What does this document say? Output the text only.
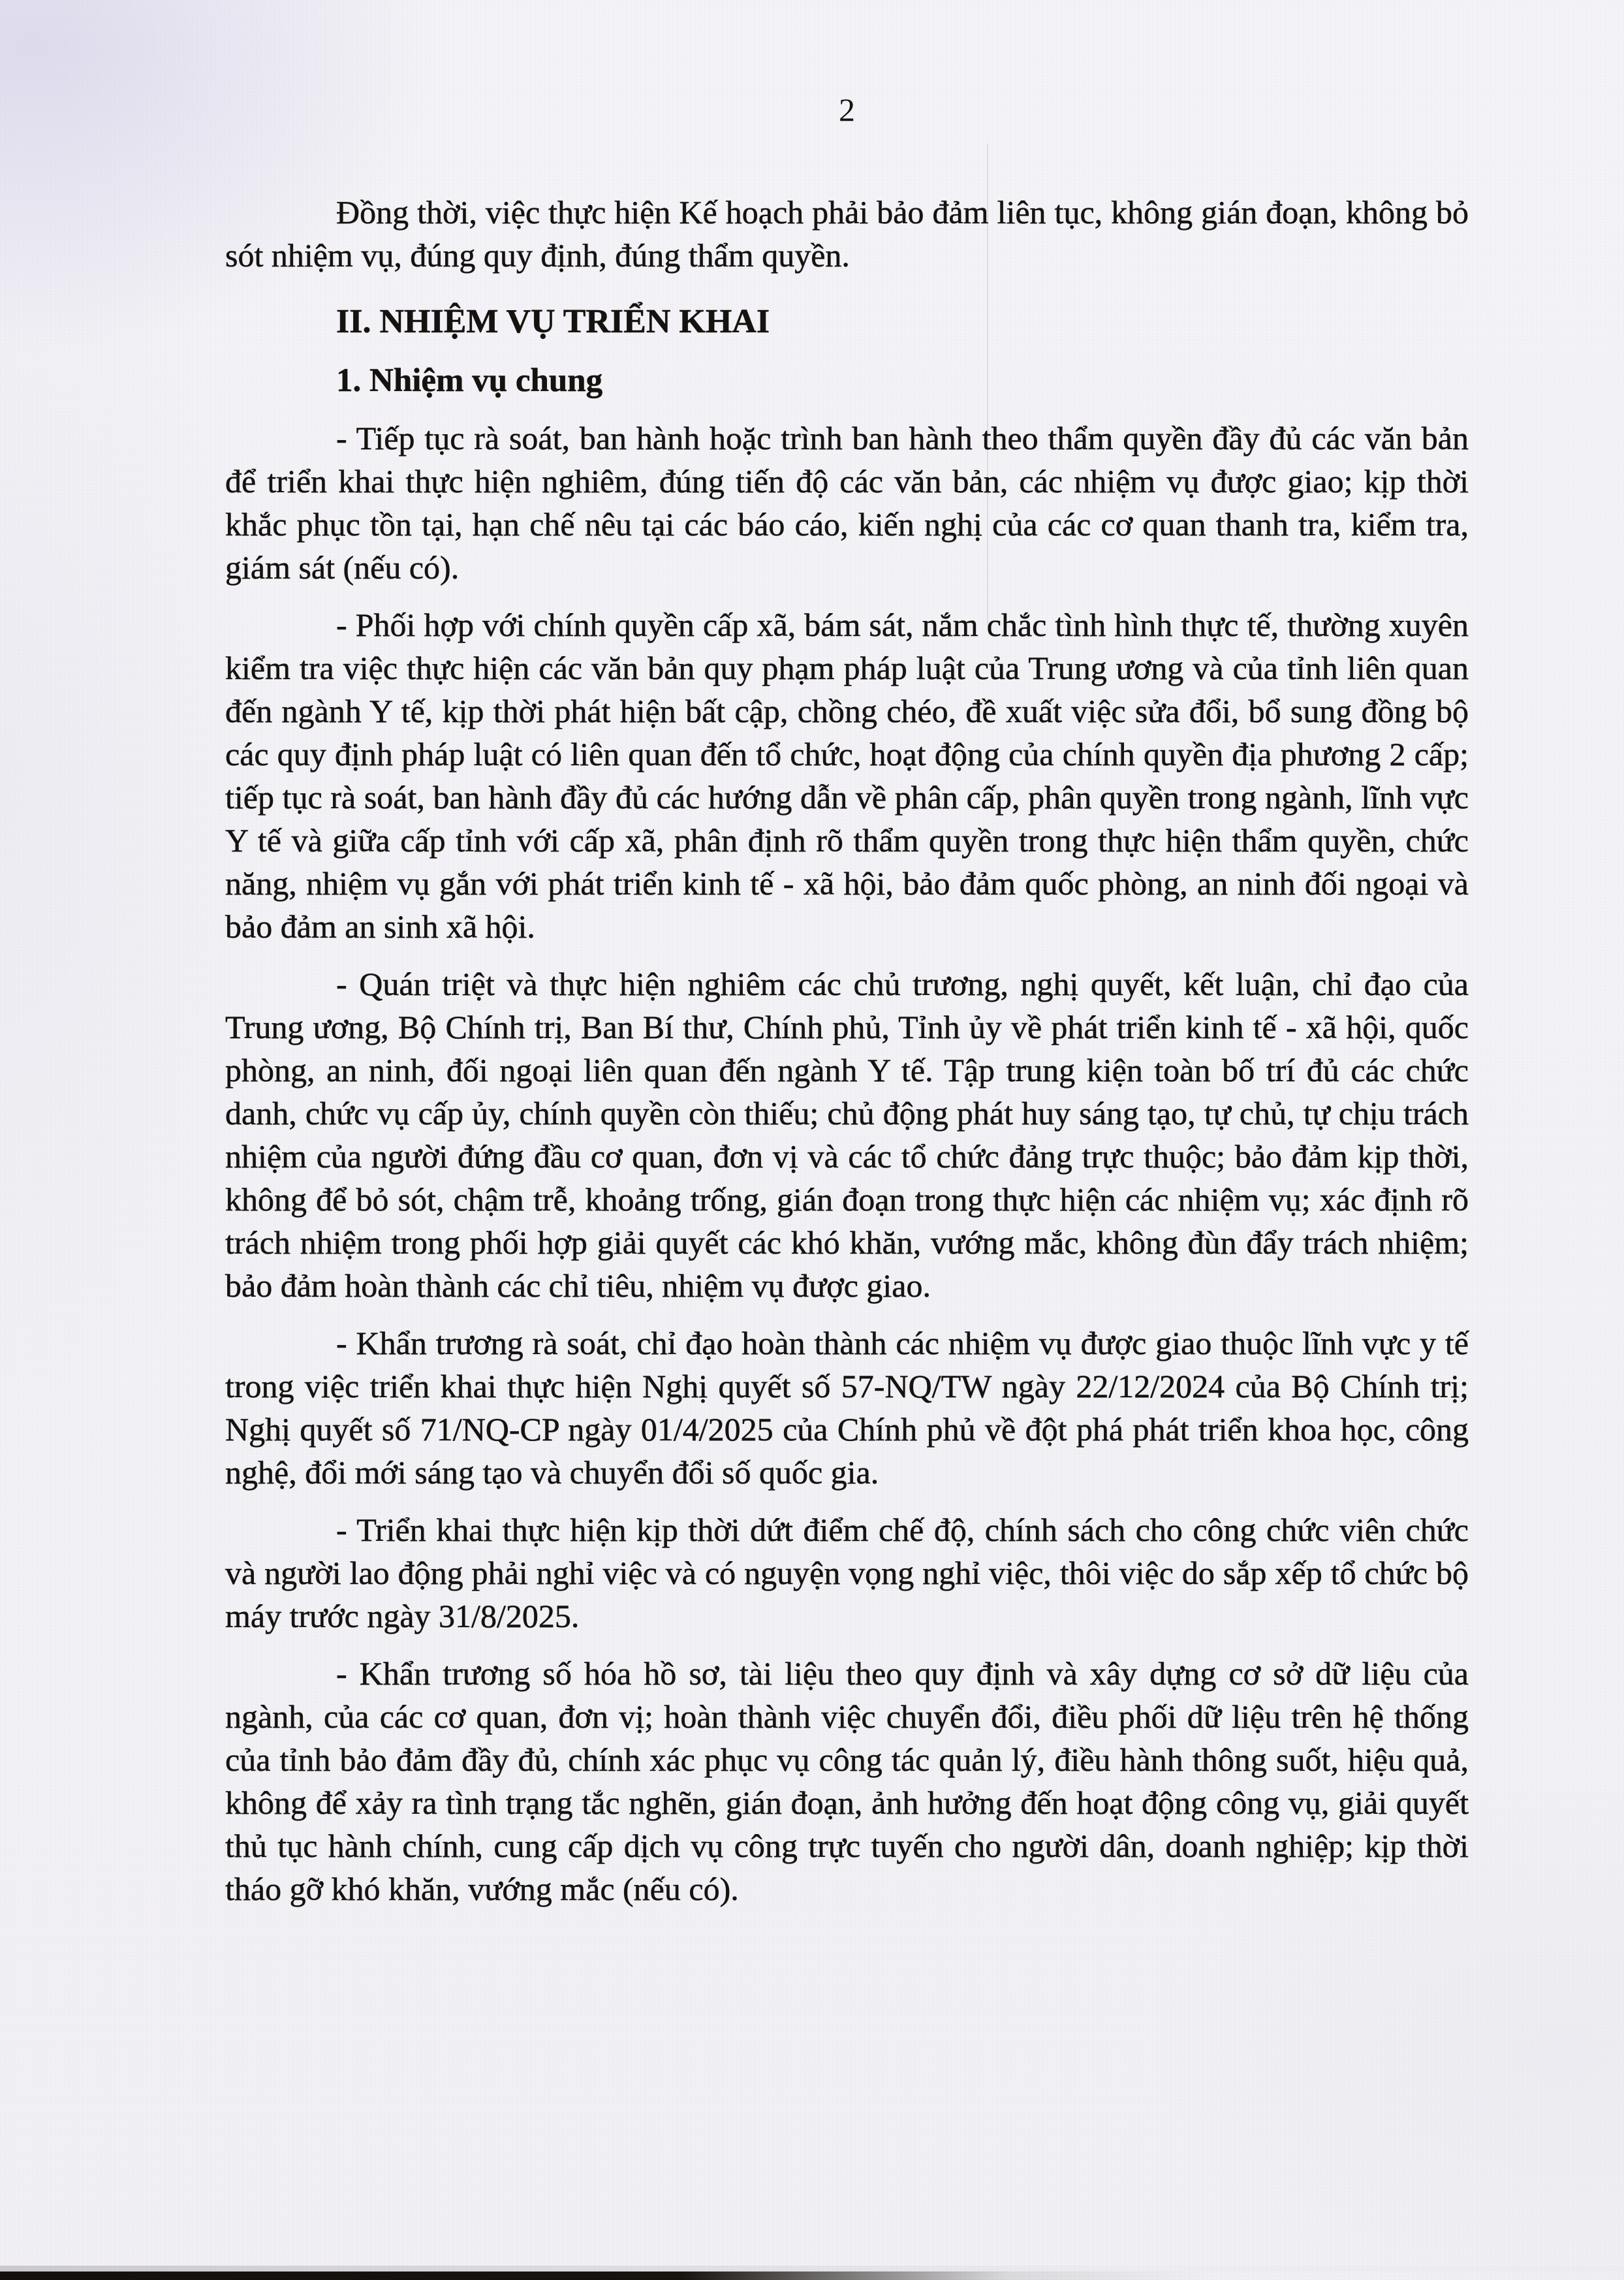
2

Đồng thời, việc thực hiện Kế hoạch phải bảo đảm liên tục, không gián đoạn, không bỏ sót nhiệm vụ, đúng quy định, đúng thẩm quyền.

II. NHIỆM VỤ TRIỂN KHAI
1. Nhiệm vụ chung

- Tiếp tục rà soát, ban hành hoặc trình ban hành theo thẩm quyền đầy đủ các văn bản để triển khai thực hiện nghiêm, đúng tiến độ các văn bản, các nhiệm vụ được giao; kịp thời khắc phục tồn tại, hạn chế nêu tại các báo cáo, kiến nghị của các cơ quan thanh tra, kiểm tra, giám sát (nếu có).

- Phối hợp với chính quyền cấp xã, bám sát, nắm chắc tình hình thực tế, thường xuyên kiểm tra việc thực hiện các văn bản quy phạm pháp luật của Trung ương và của tỉnh liên quan đến ngành Y tế, kịp thời phát hiện bất cập, chồng chéo, đề xuất việc sửa đổi, bổ sung đồng bộ các quy định pháp luật có liên quan đến tổ chức, hoạt động của chính quyền địa phương 2 cấp; tiếp tục rà soát, ban hành đầy đủ các hướng dẫn về phân cấp, phân quyền trong ngành, lĩnh vực Y tế và giữa cấp tỉnh với cấp xã, phân định rõ thẩm quyền trong thực hiện thẩm quyền, chức năng, nhiệm vụ gắn với phát triển kinh tế - xã hội, bảo đảm quốc phòng, an ninh đối ngoại và bảo đảm an sinh xã hội.

- Quán triệt và thực hiện nghiêm các chủ trương, nghị quyết, kết luận, chỉ đạo của Trung ương, Bộ Chính trị, Ban Bí thư, Chính phủ, Tỉnh ủy về phát triển kinh tế - xã hội, quốc phòng, an ninh, đối ngoại liên quan đến ngành Y tế. Tập trung kiện toàn bố trí đủ các chức danh, chức vụ cấp ủy, chính quyền còn thiếu; chủ động phát huy sáng tạo, tự chủ, tự chịu trách nhiệm của người đứng đầu cơ quan, đơn vị và các tổ chức đảng trực thuộc; bảo đảm kịp thời, không để bỏ sót, chậm trễ, khoảng trống, gián đoạn trong thực hiện các nhiệm vụ; xác định rõ trách nhiệm trong phối hợp giải quyết các khó khăn, vướng mắc, không đùn đẩy trách nhiệm; bảo đảm hoàn thành các chỉ tiêu, nhiệm vụ được giao.

- Khẩn trương rà soát, chỉ đạo hoàn thành các nhiệm vụ được giao thuộc lĩnh vực y tế trong việc triển khai thực hiện Nghị quyết số 57-NQ/TW ngày 22/12/2024 của Bộ Chính trị; Nghị quyết số 71/NQ-CP ngày 01/4/2025 của Chính phủ về đột phá phát triển khoa học, công nghệ, đổi mới sáng tạo và chuyển đổi số quốc gia.

- Triển khai thực hiện kịp thời dứt điểm chế độ, chính sách cho công chức viên chức và người lao động phải nghỉ việc và có nguyện vọng nghỉ việc, thôi việc do sắp xếp tổ chức bộ máy trước ngày 31/8/2025.

- Khẩn trương số hóa hồ sơ, tài liệu theo quy định và xây dựng cơ sở dữ liệu của ngành, của các cơ quan, đơn vị; hoàn thành việc chuyển đổi, điều phối dữ liệu trên hệ thống của tỉnh bảo đảm đầy đủ, chính xác phục vụ công tác quản lý, điều hành thông suốt, hiệu quả, không để xảy ra tình trạng tắc nghẽn, gián đoạn, ảnh hưởng đến hoạt động công vụ, giải quyết thủ tục hành chính, cung cấp dịch vụ công trực tuyến cho người dân, doanh nghiệp; kịp thời tháo gỡ khó khăn, vướng mắc (nếu có).
